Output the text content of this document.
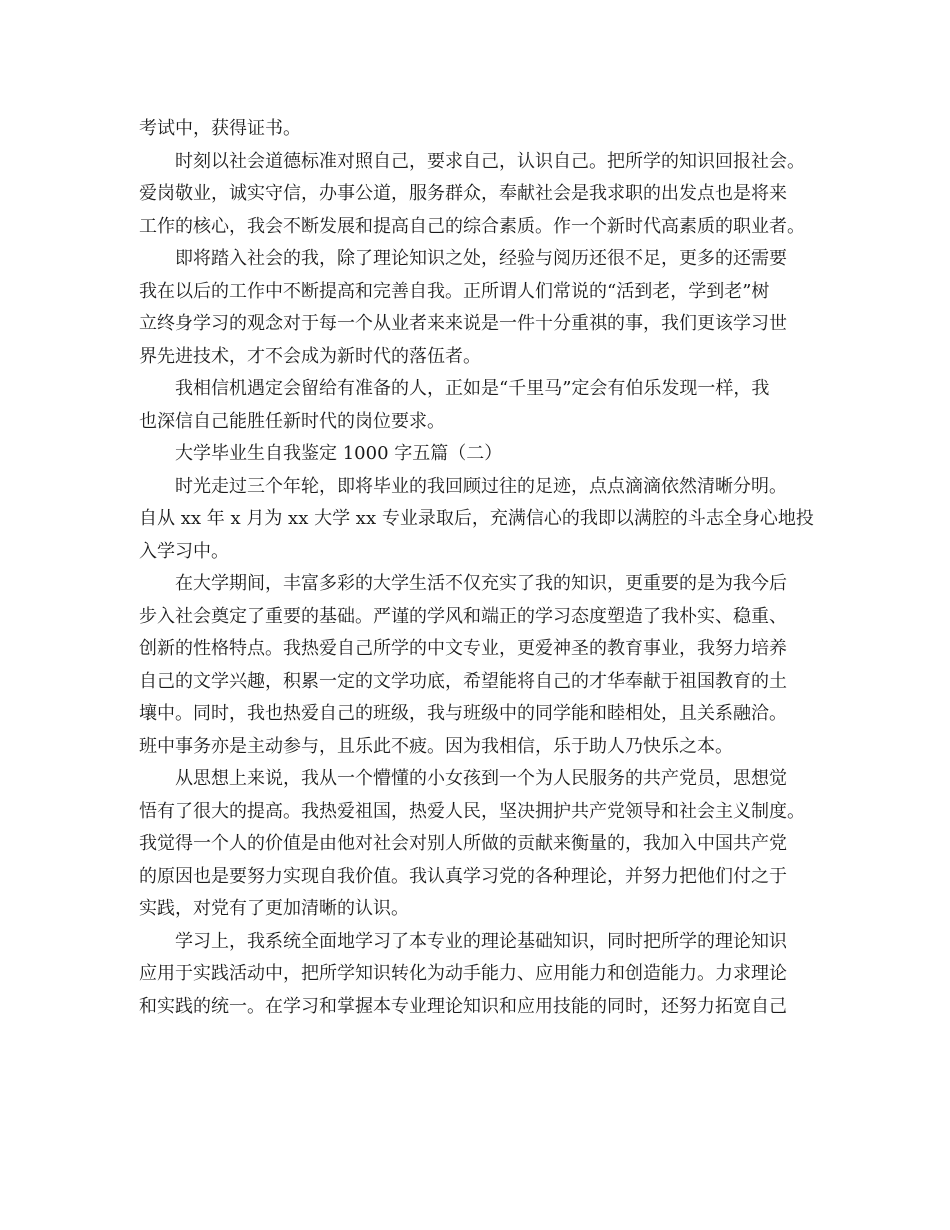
考试中，获得证书。
时刻以社会道德标准对照自己，要求自己，认识自己。把所学的知识回报社会。
爱岗敬业，诚实守信，办事公道，服务群众，奉献社会是我求职的出发点也是将来
工作的核心，我会不断发展和提高自己的综合素质。作一个新时代高素质的职业者。
即将踏入社会的我，除了理论知识之处，经验与阅历还很不足，更多的还需要
我在以后的工作中不断提高和完善自我。正所谓人们常说的“活到老，学到老”树
立终身学习的观念对于每一个从业者来来说是一件十分重祺的事，我们更该学习世
界先进技术，才不会成为新时代的落伍者。
我相信机遇定会留给有准备的人，正如是“千里马”定会有伯乐发现一样，我
也深信自己能胜任新时代的岗位要求。
大学毕业生自我鉴定 1000 字五篇（二）
时光走过三个年轮，即将毕业的我回顾过往的足迹，点点滴滴依然清晰分明。
自从 xx 年 x 月为 xx 大学 xx 专业录取后，充满信心的我即以满腔的斗志全身心地投
入学习中。
在大学期间，丰富多彩的大学生活不仅充实了我的知识，更重要的是为我今后
步入社会奠定了重要的基础。严谨的学风和端正的学习态度塑造了我朴实、稳重、
创新的性格特点。我热爱自己所学的中文专业，更爱神圣的教育事业，我努力培养
自己的文学兴趣，积累一定的文学功底，希望能将自己的才华奉献于祖国教育的土
壤中。同时，我也热爱自己的班级，我与班级中的同学能和睦相处，且关系融洽。
班中事务亦是主动参与，且乐此不疲。因为我相信，乐于助人乃快乐之本。
从思想上来说，我从一个懵懂的小女孩到一个为人民服务的共产党员，思想觉
悟有了很大的提高。我热爱祖国，热爱人民，坚决拥护共产党领导和社会主义制度。
我觉得一个人的价值是由他对社会对别人所做的贡献来衡量的，我加入中国共产党
的原因也是要努力实现自我价值。我认真学习党的各种理论，并努力把他们付之于
实践，对党有了更加清晰的认识。
学习上，我系统全面地学习了本专业的理论基础知识，同时把所学的理论知识
应用于实践活动中，把所学知识转化为动手能力、应用能力和创造能力。力求理论
和实践的统一。在学习和掌握本专业理论知识和应用技能的同时，还努力拓宽自己
